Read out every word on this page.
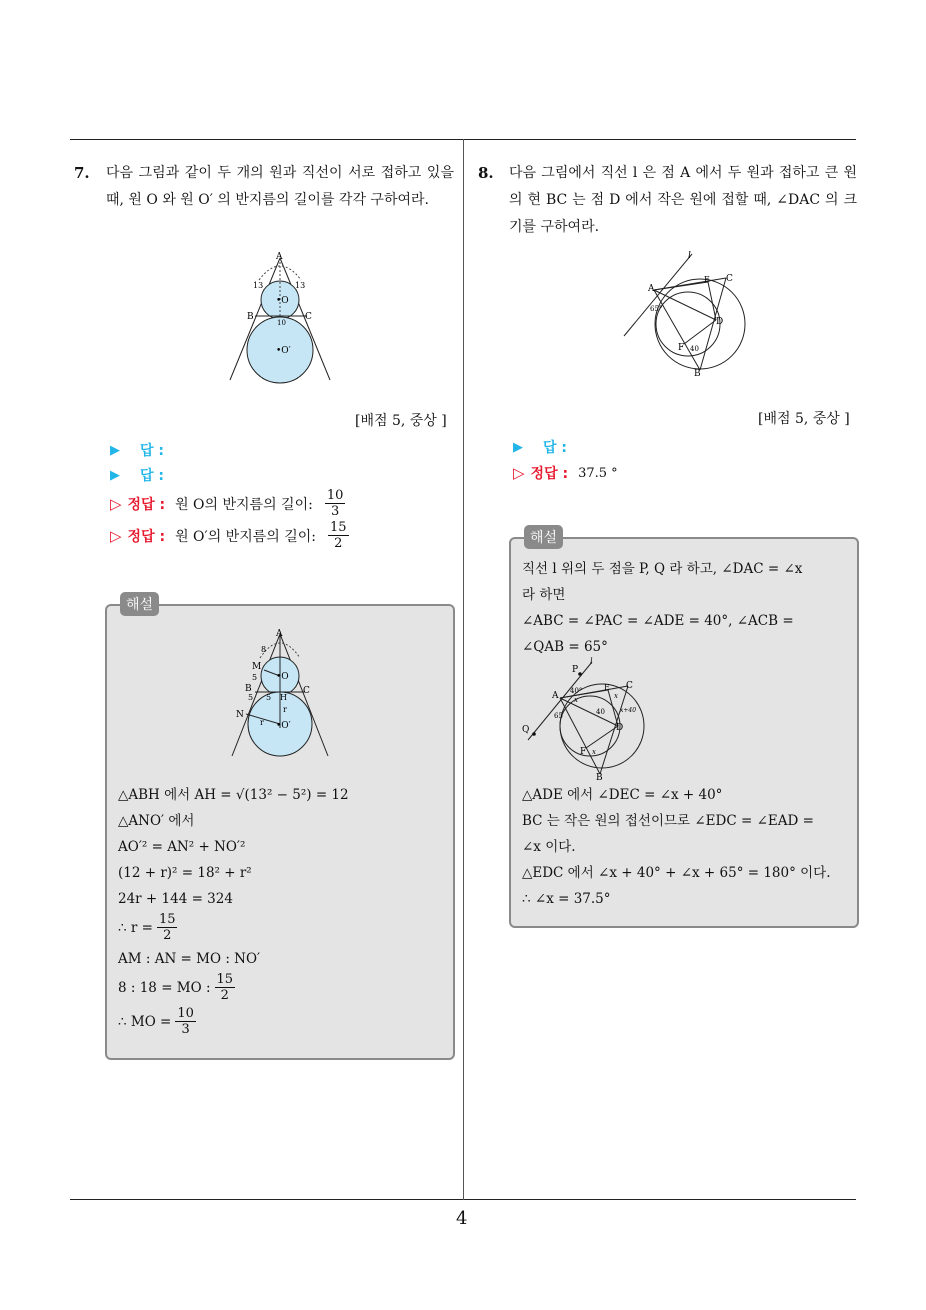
4
7. 다음 그림과 같이 두 개의 원과 직선이 서로 접하고 있을 때, 원 O 와 원 O′ 의 반지름의 길이를 각각 구하여라.
A
13	13
•O
B	C
10
•O′
[배점 5, 중상 ]
▶ 답 :
▶ 답 :
▷ 정답 : 원 O의 반지름의 길이: $\frac{10}{3}$
▷ 정답 : 원 O′의 반지름의 길이: $\frac{15}{2}$
해설
A
8
M
•O
5
B
H
C
5 5
r
N
r •O′
△ABH 에서 AH = √(13² − 5²) = 12
△ANO′ 에서
AO′² = AN² + NO′²
(12 + r)² = 18² + r²
24r + 144 = 324
∴ $r = \frac{15}{2}$
AM : AN = MO : NO′
8 : 18 = MO : $\frac{15}{2}$
∴ MO = $\frac{10}{3}$
8. 다음 그림에서 직선 l 은 점 A 에서 두 원과 접하고 큰 원의 현 BC 는 점 D 에서 작은 원에 접할 때, ∠DAC 의 크기를 구하여라.
l
A
E C
65°
D
F 40
B
[배점 5, 중상 ]
▶ 답 :
▷ 정답 : 37.5 °
해설
직선 l 위의 두 점을 P, Q 라 하고, ∠DAC = ∠x
라 하면
∠ABC = ∠PAC = ∠ADE = 40°, ∠ACB =
∠QAB = 65°
P
l
A 40°
x
E
x
C
65	40	x+40
D
Q
F x
B
△ADE 에서 ∠DEC = ∠x + 40°
BC 는 작은 원의 접선이므로 ∠EDC = ∠EAD =
∠x 이다.
△EDC 에서 ∠x + 40° + ∠x + 65° = 180° 이다.
∴ ∠x = 37.5°
